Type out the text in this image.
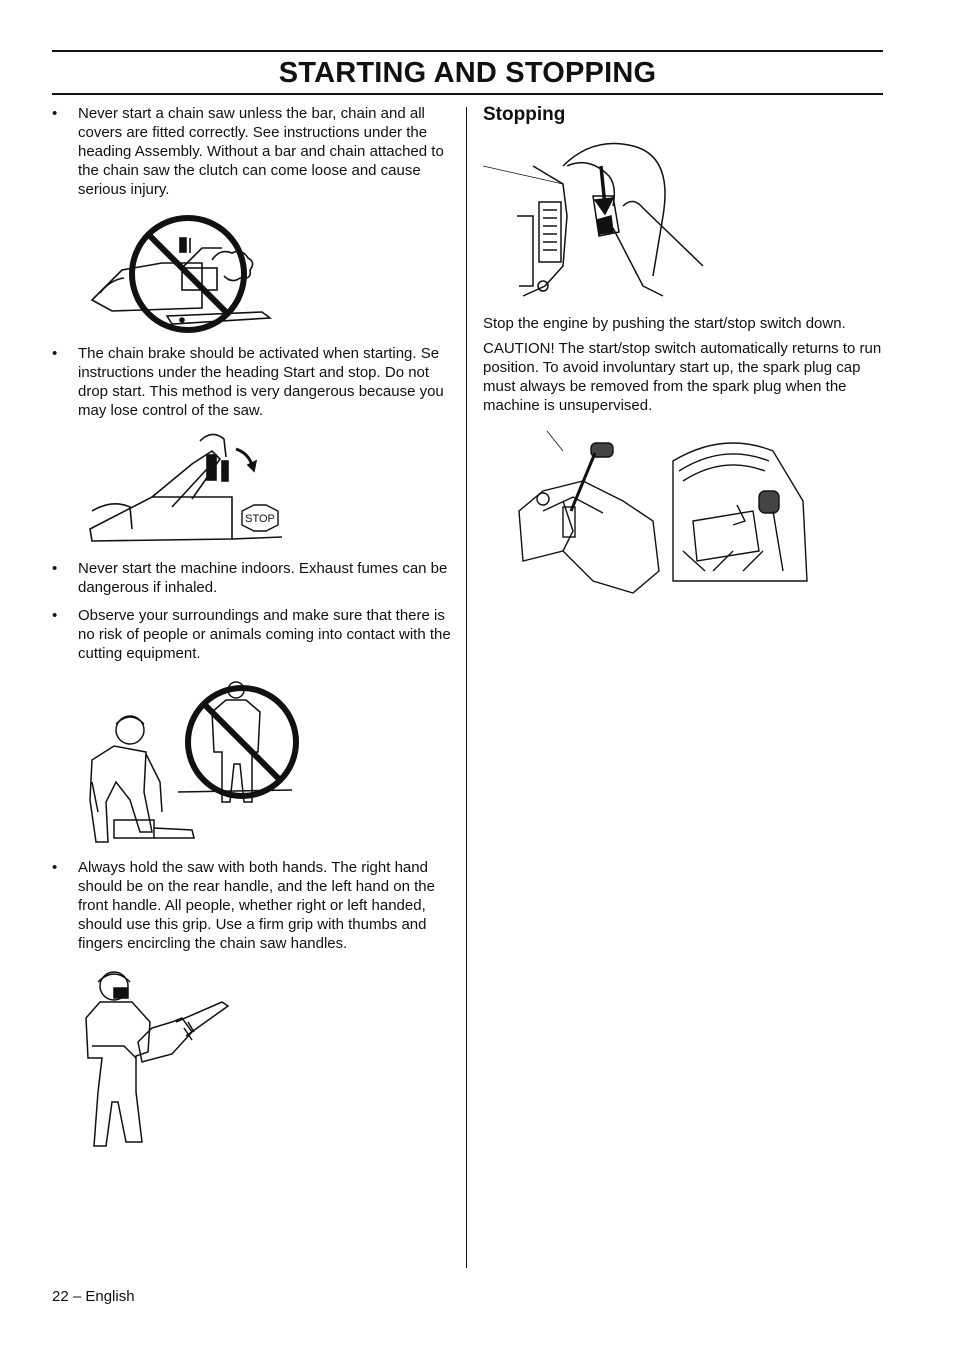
STARTING AND STOPPING
• Never start a chain saw unless the bar, chain and all covers are fitted correctly. See instructions under the heading Assembly. Without a bar and chain attached to the chain saw the clutch can come loose and cause serious injury.
• The chain brake should be activated when starting. Se instructions under the heading Start and stop. Do not drop start. This method is very dangerous because you may lose control of the saw.
STOP
• Never start the machine indoors. Exhaust fumes can be dangerous if inhaled.
• Observe your surroundings and make sure that there is no risk of people or animals coming into contact with the cutting equipment.
• Always hold the saw with both hands. The right hand should be on the rear handle, and the left hand on the front handle. All people, whether right or left handed, should use this grip. Use a firm grip with thumbs and fingers encircling the chain saw handles.
Stopping
Stop the engine by pushing the start/stop switch down.
CAUTION! The start/stop switch automatically returns to run position. To avoid involuntary start up, the spark plug cap must always be removed from the spark plug when the machine is unsupervised.
22 – English
